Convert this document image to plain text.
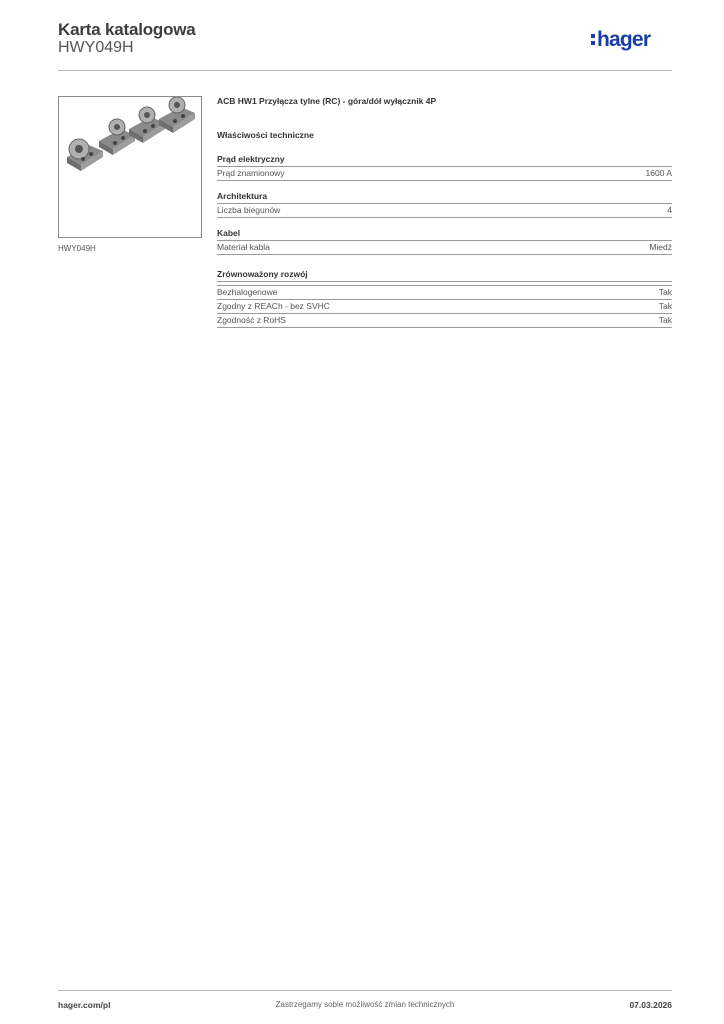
Karta katalogowa
HWY049H	hager
HWY049H
ACB HW1 Przyłącza tylne (RC) - góra/dół wyłącznik 4P
Właściwości techniczne
Prąd elektryczny
Prąd znamionowy	1600 A
Architektura
Liczba biegunów	4
Kabel
Materiał kabla	Miedź
Zrównoważony rozwój
Bezhalogenowe	Tak
Zgodny z REACh - bez SVHC	Tak
Zgodność z RoHS	Tak
hager.com/pl	Zastrzegamy sobie możliwość zmian technicznych	07.03.2026
